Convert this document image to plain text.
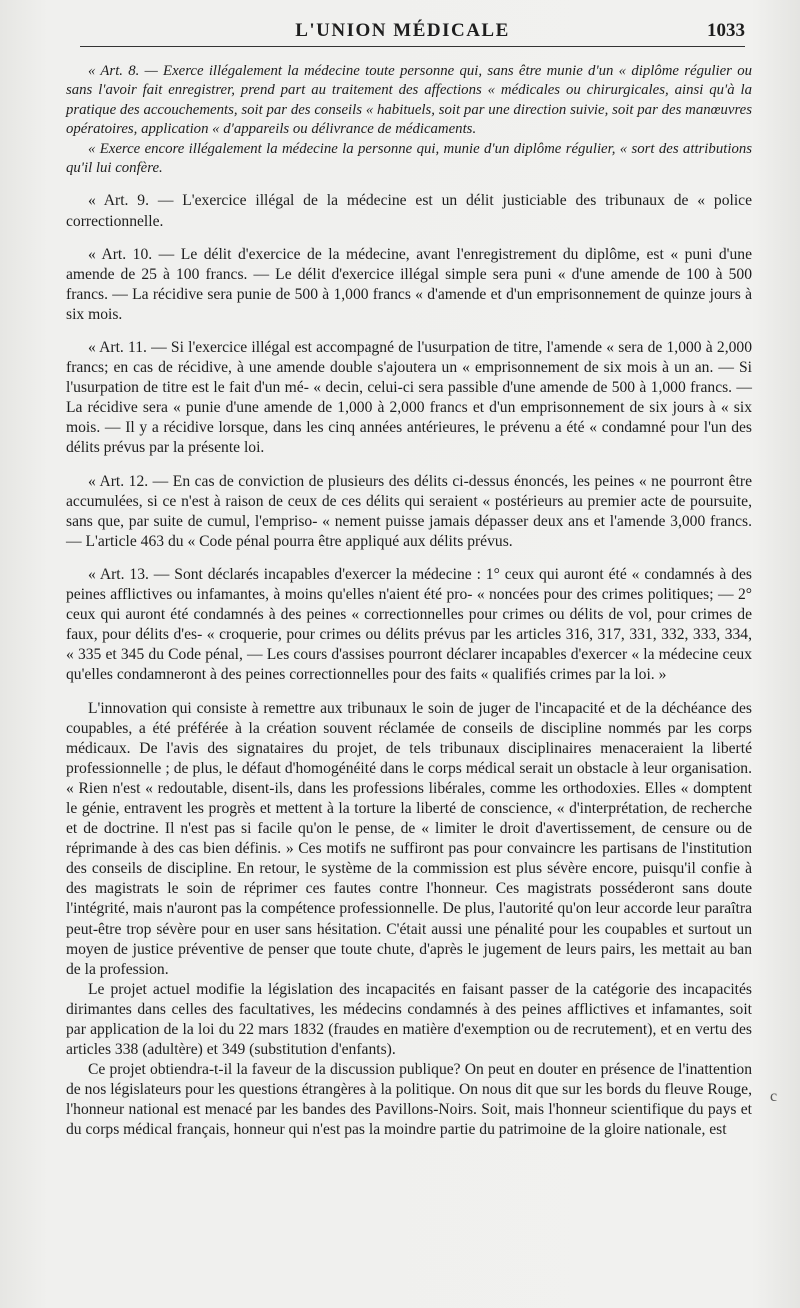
L'UNION MÉDICALE	1033

« Art. 8. — Exerce illégalement la médecine toute personne qui, sans être munie d'un « diplôme régulier ou sans l'avoir fait enregistrer, prend part au traitement des affections « médicales ou chirurgicales, ainsi qu'à la pratique des accouchements, soit par des conseils « habituels, soit par une direction suivie, soit par des manœuvres opératoires, application « d'appareils ou délivrance de médicaments.

« Exerce encore illégalement la médecine la personne qui, munie d'un diplôme régulier, « sort des attributions qu'il lui confère.

« Art. 9. — L'exercice illégal de la médecine est un délit justiciable des tribunaux de « police correctionnelle.

« Art. 10. — Le délit d'exercice de la médecine, avant l'enregistrement du diplôme, est « puni d'une amende de 25 à 100 francs. — Le délit d'exercice illégal simple sera puni « d'une amende de 100 à 500 francs. — La récidive sera punie de 500 à 1,000 francs « d'amende et d'un emprisonnement de quinze jours à six mois.

« Art. 11. — Si l'exercice illégal est accompagné de l'usurpation de titre, l'amende « sera de 1,000 à 2,000 francs; en cas de récidive, à une amende double s'ajoutera un « emprisonnement de six mois à un an. — Si l'usurpation de titre est le fait d'un mé- « decin, celui-ci sera passible d'une amende de 500 à 1,000 francs. — La récidive sera « punie d'une amende de 1,000 à 2,000 francs et d'un emprisonnement de six jours à « six mois. — Il y a récidive lorsque, dans les cinq années antérieures, le prévenu a été « condamné pour l'un des délits prévus par la présente loi.

« Art. 12. — En cas de conviction de plusieurs des délits ci-dessus énoncés, les peines « ne pourront être accumulées, si ce n'est à raison de ceux de ces délits qui seraient « postérieurs au premier acte de poursuite, sans que, par suite de cumul, l'empriso- « nement puisse jamais dépasser deux ans et l'amende 3,000 francs. — L'article 463 du « Code pénal pourra être appliqué aux délits prévus.

« Art. 13. — Sont déclarés incapables d'exercer la médecine : 1° ceux qui auront été « condamnés à des peines afflictives ou infamantes, à moins qu'elles n'aient été pro- « noncées pour des crimes politiques; — 2° ceux qui auront été condamnés à des peines « correctionnelles pour crimes ou délits de vol, pour crimes de faux, pour délits d'es- « croquerie, pour crimes ou délits prévus par les articles 316, 317, 331, 332, 333, 334, « 335 et 345 du Code pénal, — Les cours d'assises pourront déclarer incapables d'exercer « la médecine ceux qu'elles condamneront à des peines correctionnelles pour des faits « qualifiés crimes par la loi. »

L'innovation qui consiste à remettre aux tribunaux le soin de juger de l'incapacité et de la déchéance des coupables, a été préférée à la création souvent réclamée de conseils de discipline nommés par les corps médicaux. De l'avis des signataires du projet, de tels tribunaux disciplinaires menaceraient la liberté professionnelle ; de plus, le défaut d'homogénéité dans le corps médical serait un obstacle à leur organisation. « Rien n'est « redoutable, disent-ils, dans les professions libérales, comme les orthodoxies. Elles « domptent le génie, entravent les progrès et mettent à la torture la liberté de conscience, « d'interprétation, de recherche et de doctrine. Il n'est pas si facile qu'on le pense, de « limiter le droit d'avertissement, de censure ou de réprimande à des cas bien définis. » Ces motifs ne suffiront pas pour convaincre les partisans de l'institution des conseils de discipline. En retour, le système de la commission est plus sévère encore, puisqu'il confie à des magistrats le soin de réprimer ces fautes contre l'honneur. Ces magistrats posséderont sans doute l'intégrité, mais n'auront pas la compétence professionnelle. De plus, l'autorité qu'on leur accorde leur paraîtra peut-être trop sévère pour en user sans hésitation. C'était aussi une pénalité pour les coupables et surtout un moyen de justice préventive de penser que toute chute, d'après le jugement de leurs pairs, les mettait au ban de la profession.

Le projet actuel modifie la législation des incapacités en faisant passer de la catégorie des incapacités dirimantes dans celles des facultatives, les médecins condamnés à des peines afflictives et infamantes, soit par application de la loi du 22 mars 1832 (fraudes en matière d'exemption ou de recrutement), et en vertu des articles 338 (adultère) et 349 (substitution d'enfants).

Ce projet obtiendra-t-il la faveur de la discussion publique? On peut en douter en présence de l'inattention de nos législateurs pour les questions étrangères à la politique. On nous dit que sur les bords du fleuve Rouge, l'honneur national est menacé par les bandes des Pavillons-Noirs. Soit, mais l'honneur scientifique du pays et du corps médical français, honneur qui n'est pas la moindre partie du patrimoine de la gloire nationale, est

c
